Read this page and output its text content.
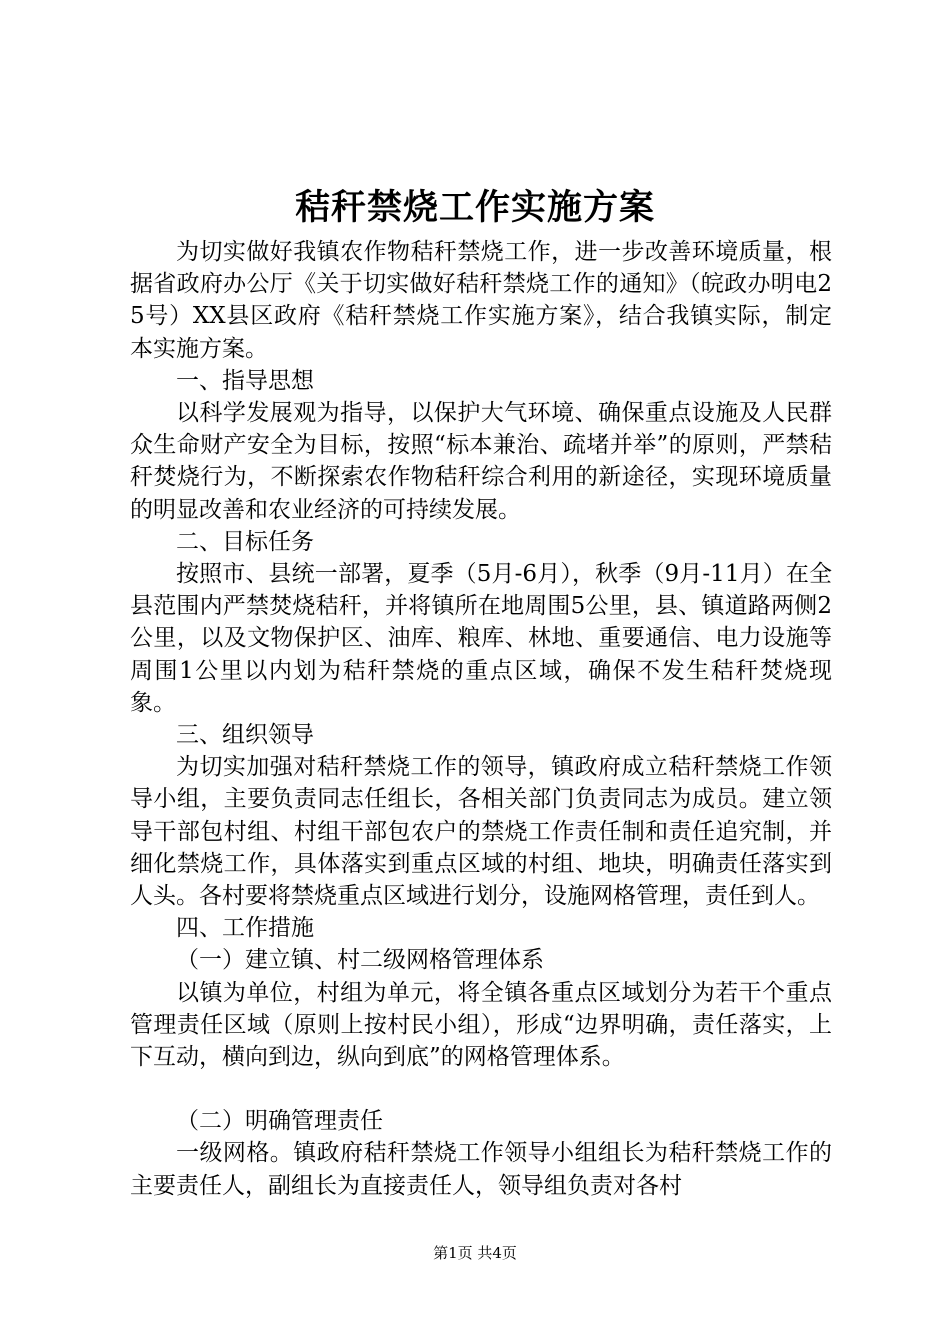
秸秆禁烧工作实施方案

为切实做好我镇农作物秸秆禁烧工作，进一步改善环境质量，根据省政府办公厅《关于切实做好秸秆禁烧工作的通知》（皖政办明电25号）XX县区政府《秸秆禁烧工作实施方案》，结合我镇实际，制定本实施方案。

一、指导思想

以科学发展观为指导，以保护大气环境、确保重点设施及人民群众生命财产安全为目标，按照“标本兼治、疏堵并举”的原则，严禁秸秆焚烧行为，不断探索农作物秸秆综合利用的新途径，实现环境质量的明显改善和农业经济的可持续发展。

二、目标任务

按照市、县统一部署，夏季（5月-6月），秋季（9月-11月）在全县范围内严禁焚烧秸秆，并将镇所在地周围5公里，县、镇道路两侧2公里，以及文物保护区、油库、粮库、林地、重要通信、电力设施等周围1公里以内划为秸秆禁烧的重点区域，确保不发生秸秆焚烧现象。

三、组织领导

为切实加强对秸秆禁烧工作的领导，镇政府成立秸秆禁烧工作领导小组，主要负责同志任组长，各相关部门负责同志为成员。建立领导干部包村组、村组干部包农户的禁烧工作责任制和责任追究制，并细化禁烧工作，具体落实到重点区域的村组、地块，明确责任落实到人头。各村要将禁烧重点区域进行划分，设施网格管理，责任到人。

四、工作措施

（一）建立镇、村二级网格管理体系

以镇为单位，村组为单元，将全镇各重点区域划分为若干个重点管理责任区域（原则上按村民小组），形成“边界明确，责任落实，上下互动，横向到边，纵向到底”的网格管理体系。

（二）明确管理责任

一级网格。镇政府秸秆禁烧工作领导小组组长为秸秆禁烧工作的主要责任人，副组长为直接责任人，领导组负责对各村

第1页 共4页
